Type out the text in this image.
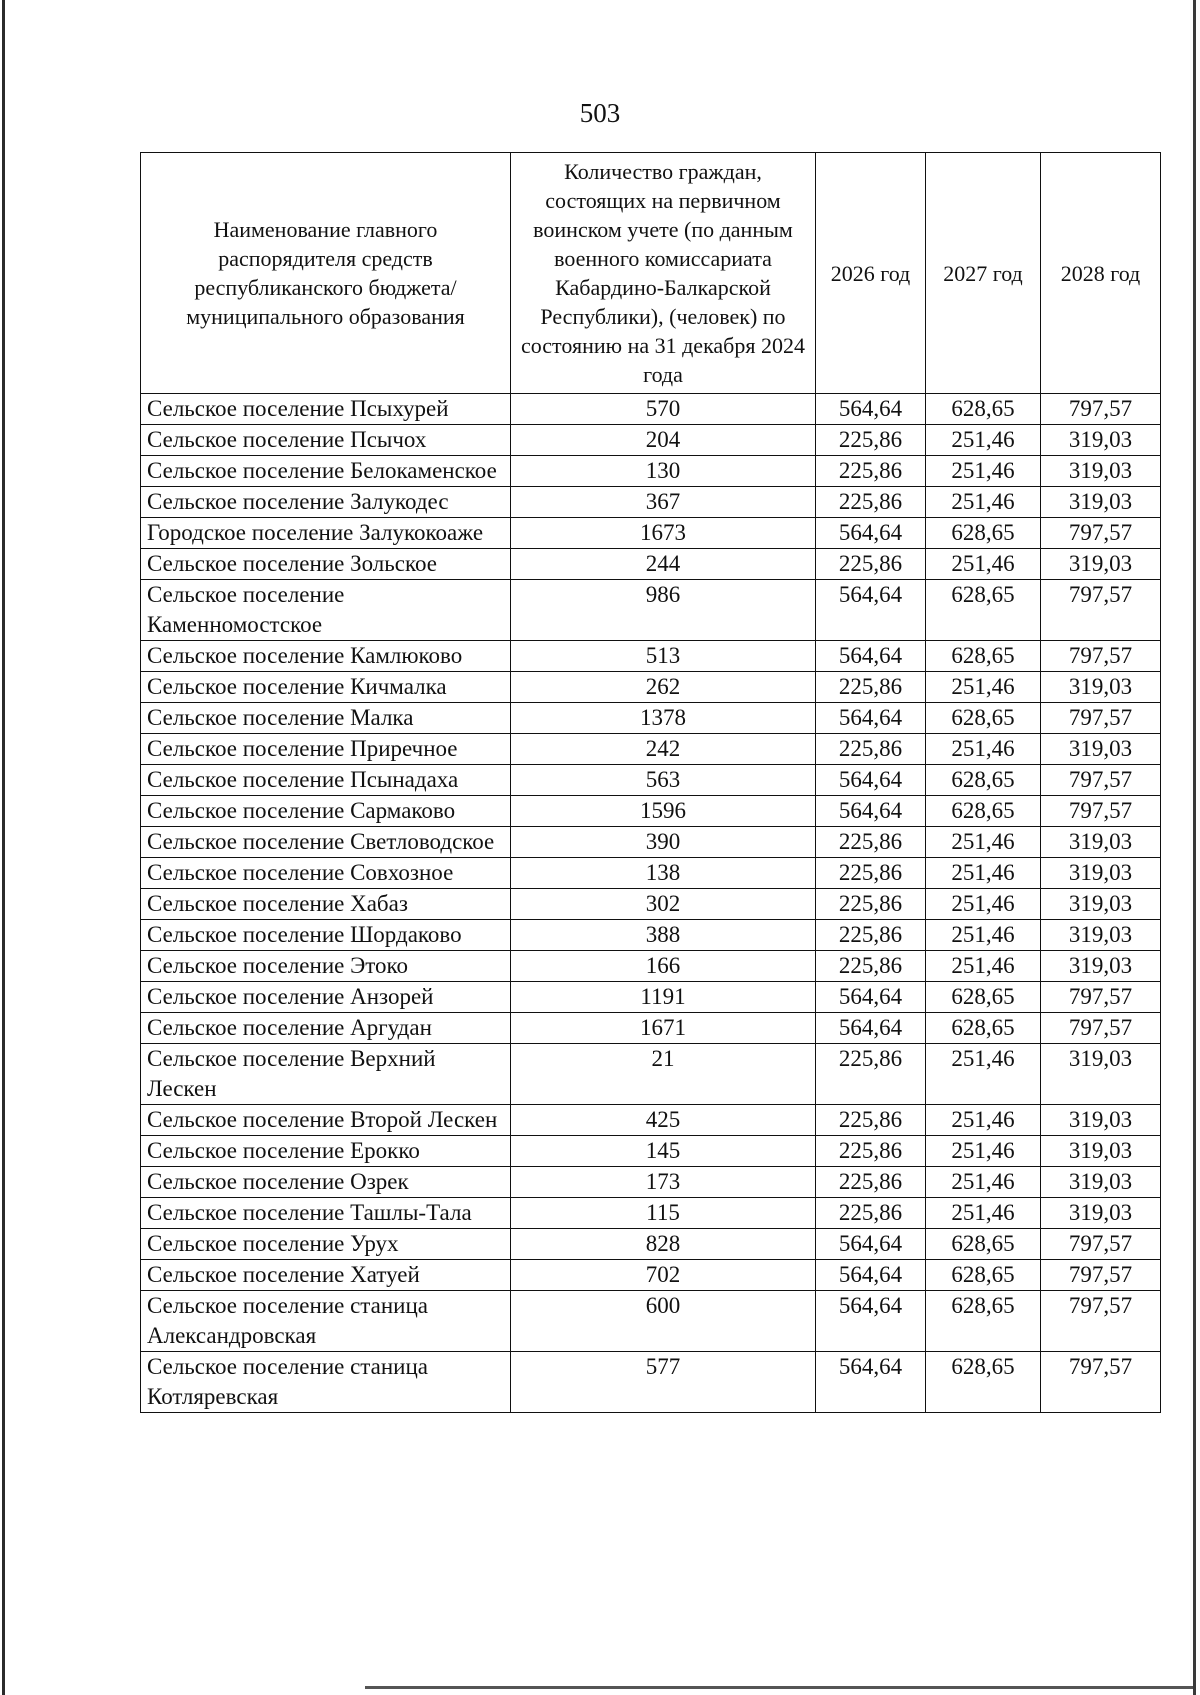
503
Наименование главного распорядителя средств республиканского бюджета/муниципального образования	Количество граждан, состоящих на первичном воинском учете (по данным военного комиссариата Кабардино-Балкарской Республики), (человек) по состоянию на 31 декабря 2024 года	2026 год	2027 год	2028 год
Сельское поселение Псыхурей	570	564,64	628,65	797,57
Сельское поселение Псычох	204	225,86	251,46	319,03
Сельское поселение Белокаменское	130	225,86	251,46	319,03
Сельское поселение Залукодес	367	225,86	251,46	319,03
Городское поселение Залукокоаже	1673	564,64	628,65	797,57
Сельское поселение Зольское	244	225,86	251,46	319,03
Сельское поселение Каменномостское	986	564,64	628,65	797,57
Сельское поселение Камлюково	513	564,64	628,65	797,57
Сельское поселение Кичмалка	262	225,86	251,46	319,03
Сельское поселение Малка	1378	564,64	628,65	797,57
Сельское поселение Приречное	242	225,86	251,46	319,03
Сельское поселение Псынадаха	563	564,64	628,65	797,57
Сельское поселение Сармаково	1596	564,64	628,65	797,57
Сельское поселение Светловодское	390	225,86	251,46	319,03
Сельское поселение Совхозное	138	225,86	251,46	319,03
Сельское поселение Хабаз	302	225,86	251,46	319,03
Сельское поселение Шордаково	388	225,86	251,46	319,03
Сельское поселение Этоко	166	225,86	251,46	319,03
Сельское поселение Анзорей	1191	564,64	628,65	797,57
Сельское поселение Аргудан	1671	564,64	628,65	797,57
Сельское поселение Верхний Лескен	21	225,86	251,46	319,03
Сельское поселение Второй Лескен	425	225,86	251,46	319,03
Сельское поселение Ерокко	145	225,86	251,46	319,03
Сельское поселение Озрек	173	225,86	251,46	319,03
Сельское поселение Ташлы-Тала	115	225,86	251,46	319,03
Сельское поселение Урух	828	564,64	628,65	797,57
Сельское поселение Хатуей	702	564,64	628,65	797,57
Сельское поселение станица Александровская	600	564,64	628,65	797,57
Сельское поселение станица Котляревская	577	564,64	628,65	797,57
